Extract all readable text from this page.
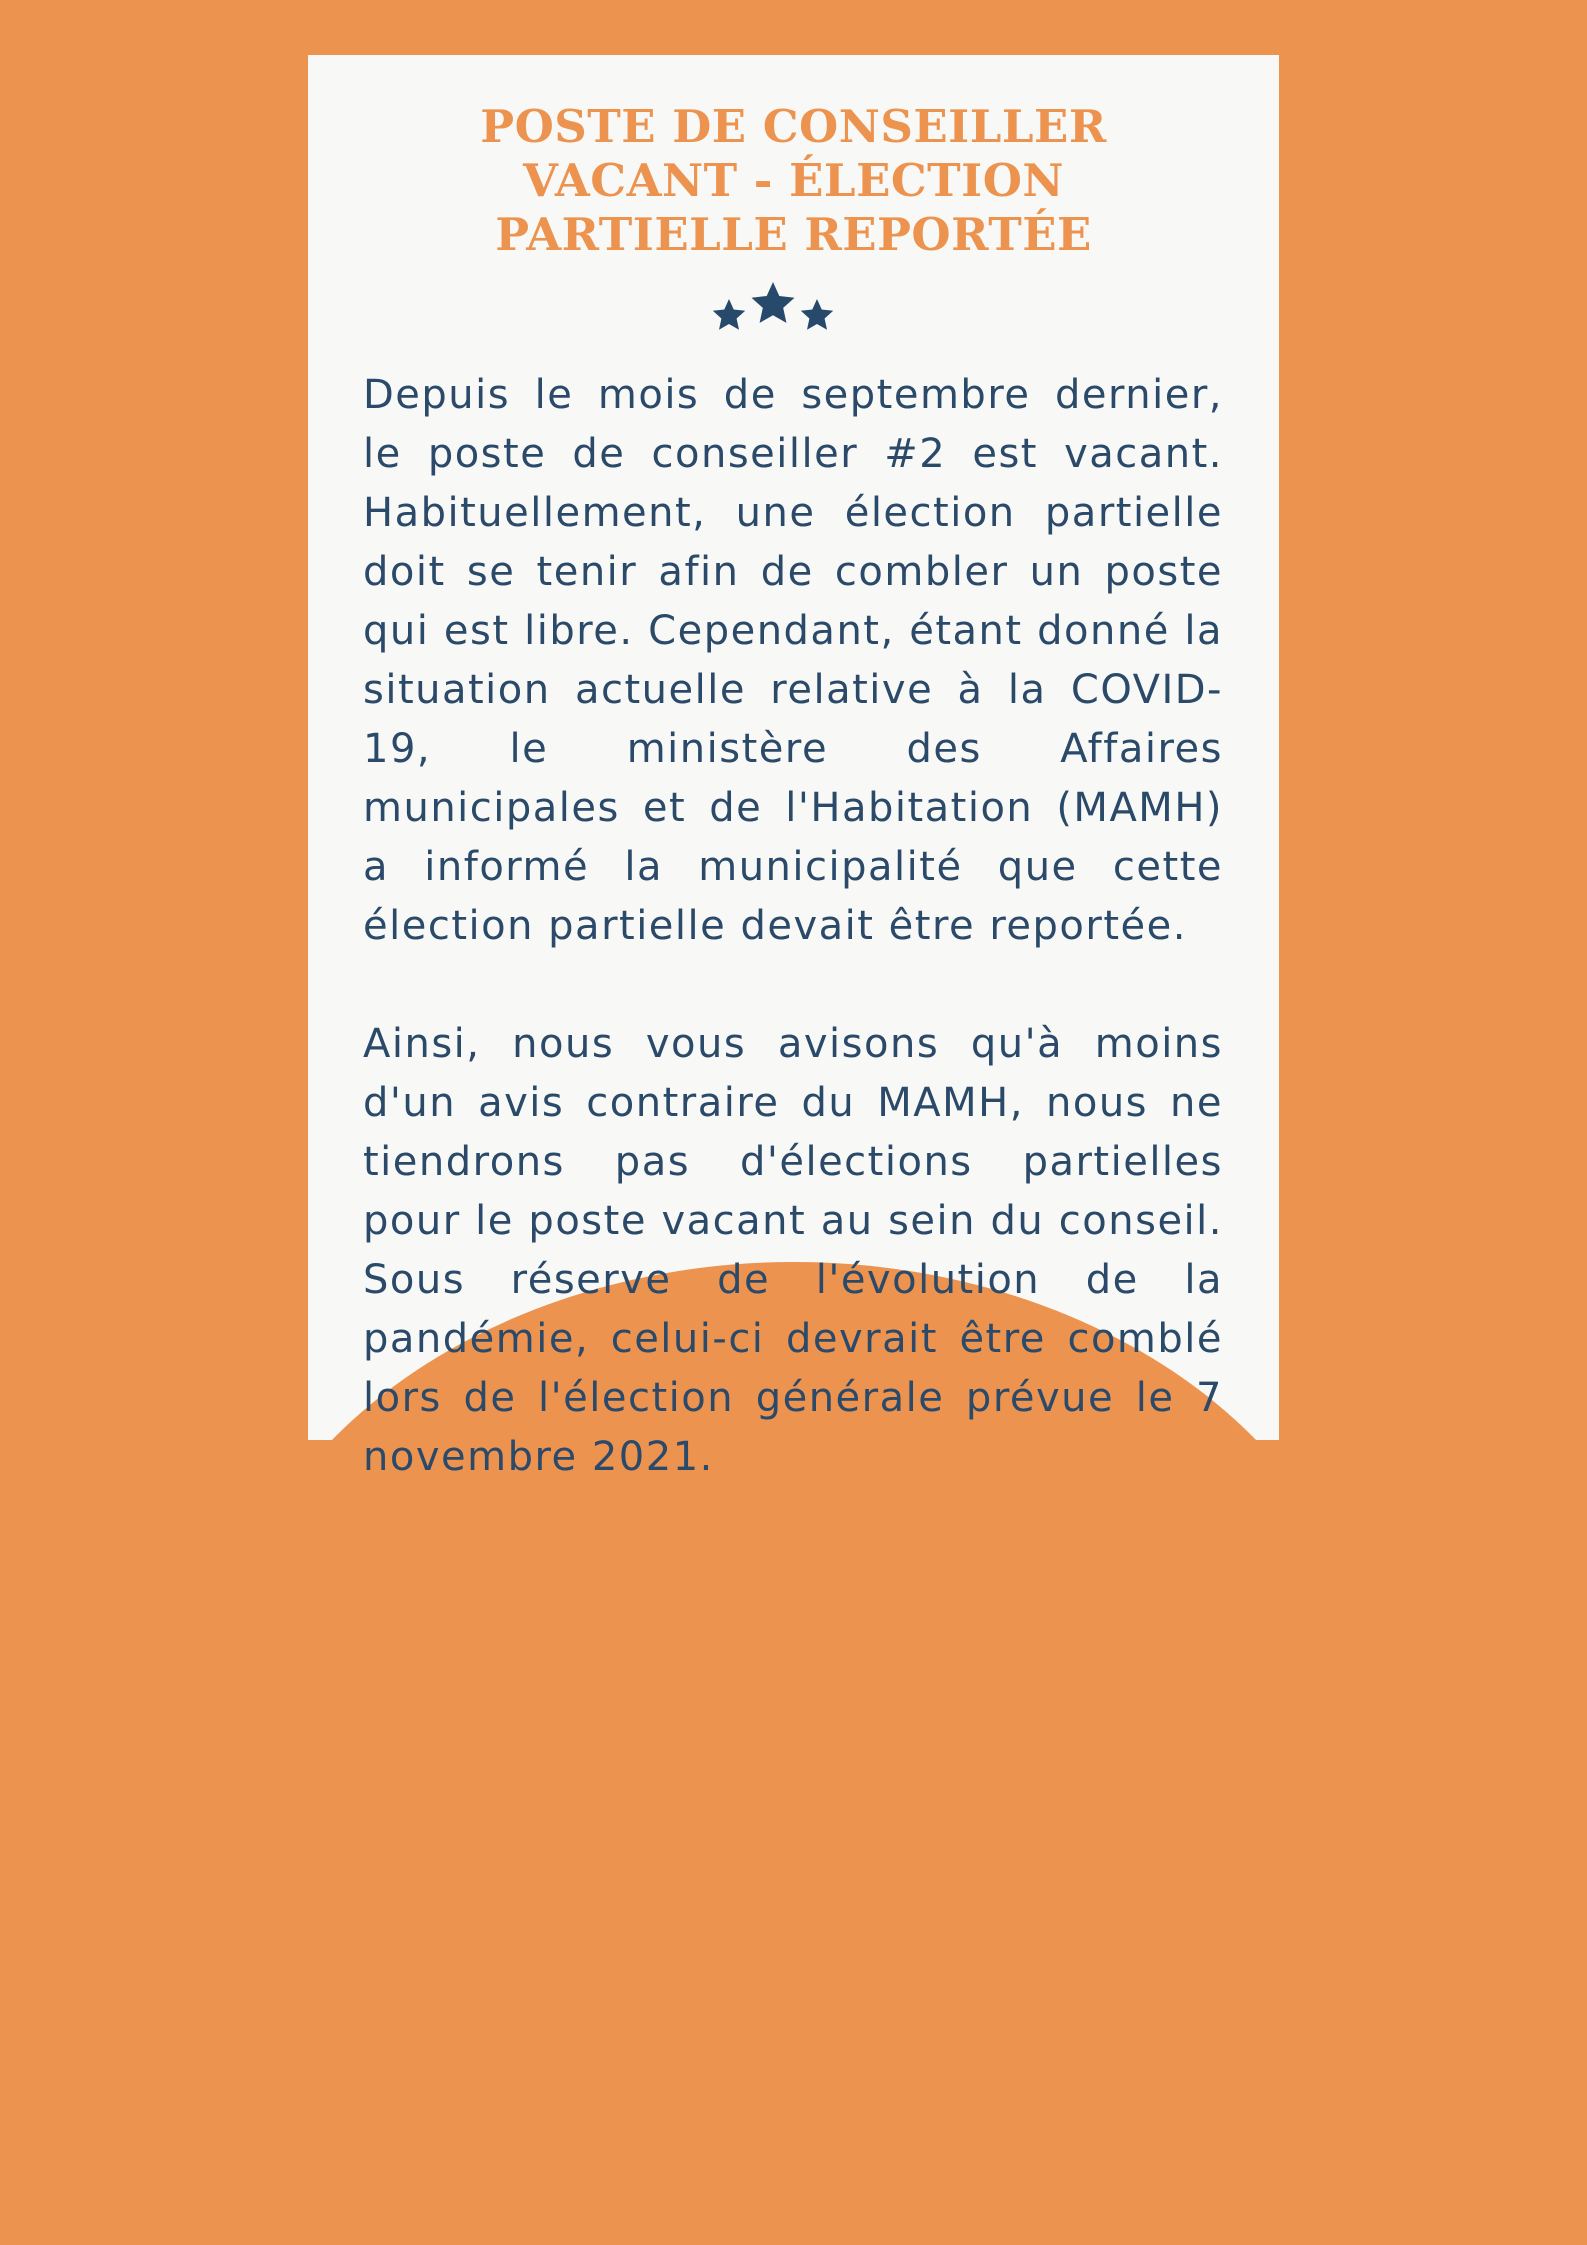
POSTE DE CONSEILLER
VACANT - ÉLECTION
PARTIELLE REPORTÉE

Depuis le mois de septembre dernier, le poste de conseiller #2 est vacant. Habituellement, une élection partielle doit se tenir afin de combler un poste qui est libre. Cependant, étant donné la situation actuelle relative à la COVID-19, le ministère des Affaires municipales et de l'Habitation (MAMH) a informé la municipalité que cette élection partielle devait être reportée.

Ainsi, nous vous avisons qu'à moins d'un avis contraire du MAMH, nous ne tiendrons pas d'élections partielles pour le poste vacant au sein du conseil. Sous réserve de l'évolution de la pandémie, celui-ci devrait être comblé lors de l'élection générale prévue le 7 novembre 2021.
